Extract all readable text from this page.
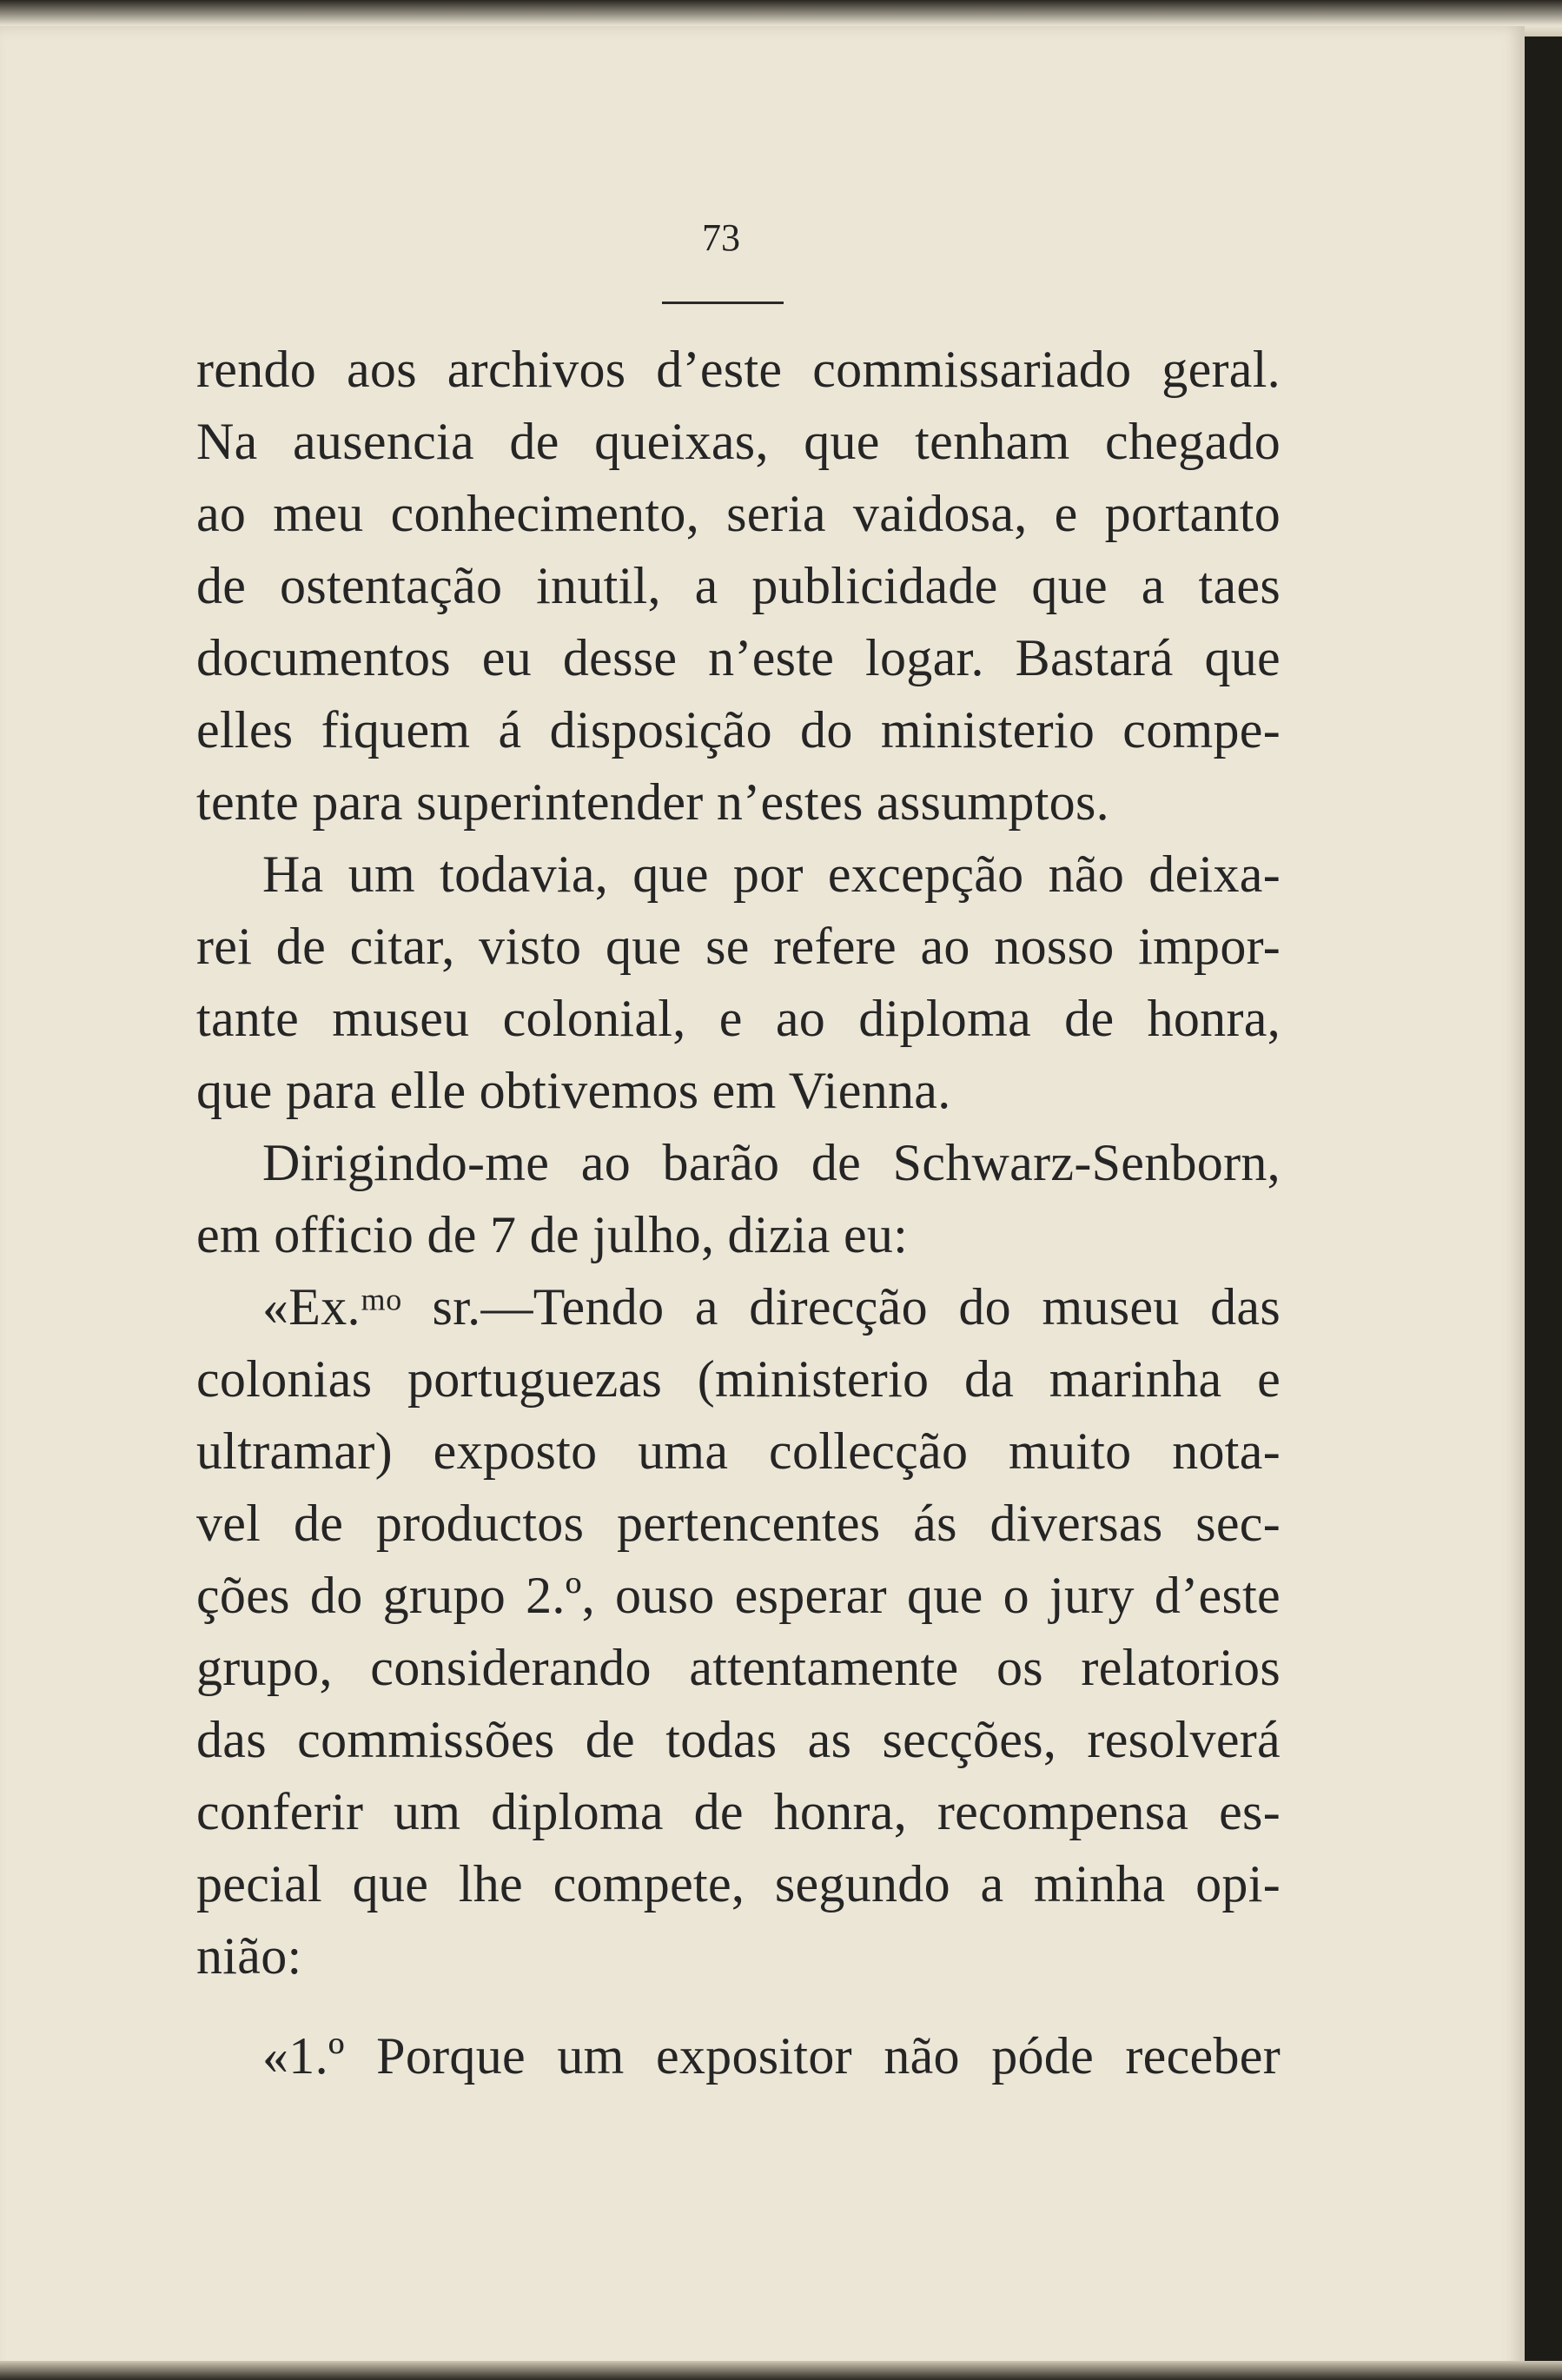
73
rendo aos archivos d’este commissariado geral.
Na ausencia de queixas, que tenham chegado
ao meu conhecimento, seria vaidosa, e portanto
de ostentação inutil, a publicidade que a taes
documentos eu desse n’este logar. Bastará que
elles fiquem á disposição do ministerio compe-
tente para superintender n’estes assumptos.
Ha um todavia, que por excepção não deixa-
rei de citar, visto que se refere ao nosso impor-
tante museu colonial, e ao diploma de honra,
que para elle obtivemos em Vienna.
Dirigindo-me ao barão de Schwarz-Senborn,
em officio de 7 de julho, dizia eu:
«Ex.ᵐᵒ sr.—Tendo a direcção do museu das
colonias portuguezas (ministerio da marinha e
ultramar) exposto uma collecção muito nota-
vel de productos pertencentes ás diversas sec-
ções do grupo 2.º, ouso esperar que o jury d’este
grupo, considerando attentamente os relatorios
das commissões de todas as secções, resolverá
conferir um diploma de honra, recompensa es-
pecial que lhe compete, segundo a minha opi-
nião:
«1.º Porque um expositor não póde receber
